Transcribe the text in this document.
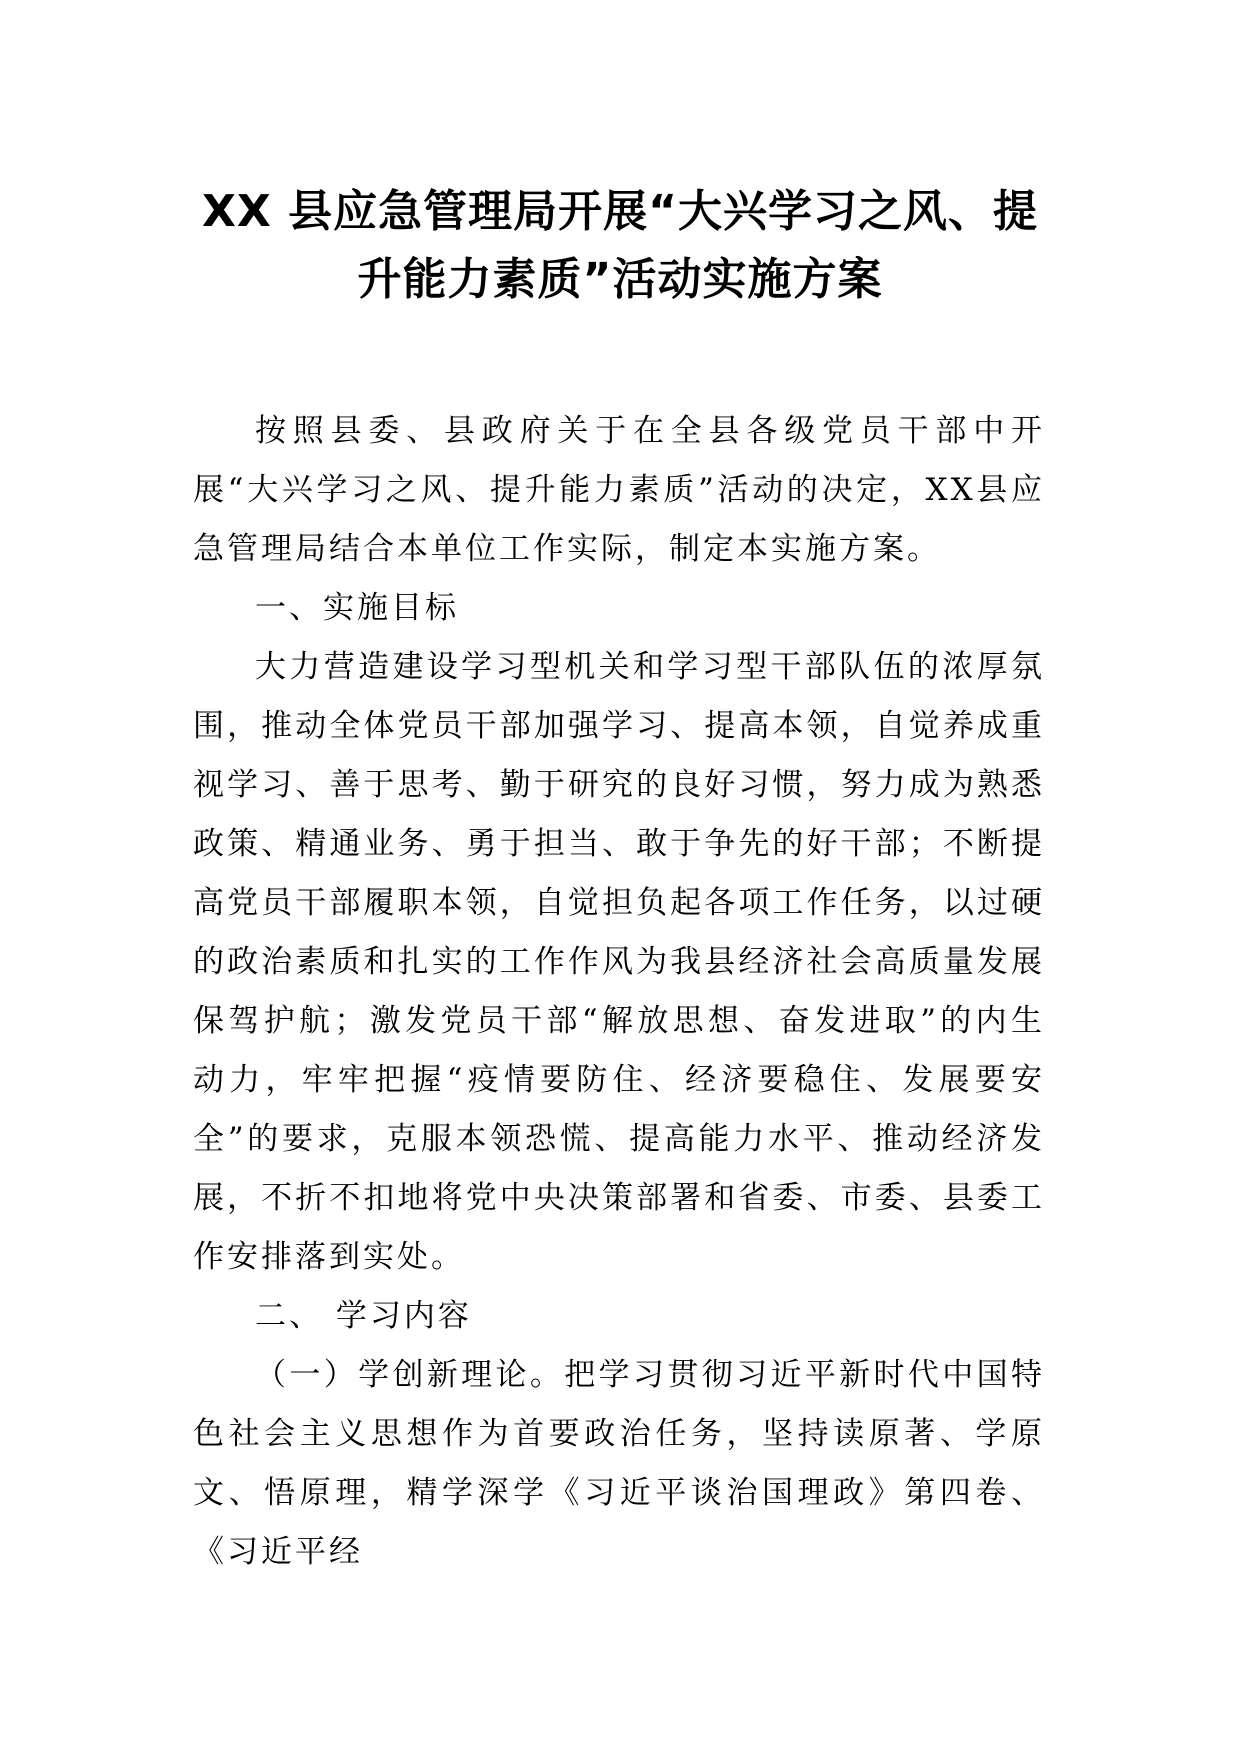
XX 县应急管理局开展“大兴学习之风、提
升能力素质”活动实施方案

按照县委、县政府关于在全县各级党员干部中开展“大兴学习之风、提升能力素质”活动的决定，XX县应急管理局结合本单位工作实际，制定本实施方案。

一、实施目标

大力营造建设学习型机关和学习型干部队伍的浓厚氛围，推动全体党员干部加强学习、提高本领，自觉养成重视学习、善于思考、勤于研究的良好习惯，努力成为熟悉政策、精通业务、勇于担当、敢于争先的好干部；不断提高党员干部履职本领，自觉担负起各项工作任务，以过硬的政治素质和扎实的工作作风为我县经济社会高质量发展保驾护航；激发党员干部“解放思想、奋发进取”的内生动力，牢牢把握“疫情要防住、经济要稳住、发展要安全”的要求，克服本领恐慌、提高能力水平、推动经济发展，不折不扣地将党中央决策部署和省委、市委、县委工作安排落到实处。

二、 学习内容

（一）学创新理论。把学习贯彻习近平新时代中国特色社会主义思想作为首要政治任务，坚持读原著、学原文、悟原理，精学深学《习近平谈治国理政》第四卷、《习近平经
